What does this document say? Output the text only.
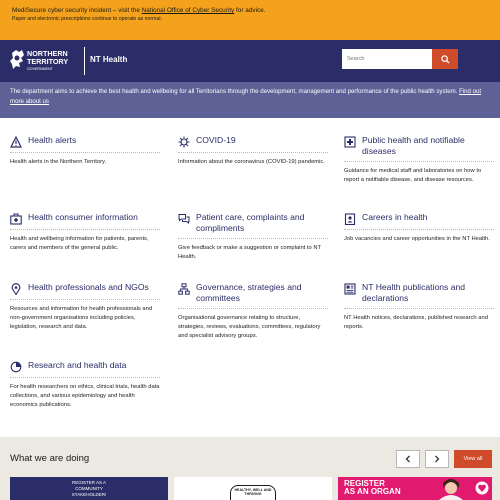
MediSecure cyber security incident – visit the National Office of Cyber Security for advice.
Paper and electronic prescriptions continue to operate as normal.
NORTHERN
TERRITORY
GOVERNMENT
NT Health
Search
The department aims to achieve the best health and wellbeing for all Territorians through the development, management and performance of the public health system. Find out more about us
Health alerts
Health alerts in the Northern Territory.
COVID-19
Information about the coronavirus (COVID-19) pandemic.
Public health and notifiable diseases
Guidance for medical staff and laboratories on how to report a notifiable disease, and disease resources.
Health consumer information
Health and wellbeing information for patients, parents, carers and members of the general public.
Patient care, complaints and compliments
Give feedback or make a suggestion or complaint to NT Health.
Careers in health
Job vacancies and career opportunities in the NT Health.
Health professionals and NGOs
Resources and information for health professionals and non-government organisations including policies, legislation, research and data.
Governance, strategies and committees
Organisational governance relating to structure, strategies, reviews, evaluations, committees, regulatory and specialist advisory groups.
NT Health publications and declarations
NT Health notices, declarations, published research and reports.
Research and health data
For health researchers on ethics, clinical trials, health data collections, and various epidemiology and health economics publications.
What we are doing	View all
REGISTER AS A
COMMUNITY
STAKEHOLDER!
HEALTHY, WELL AND THRIVING
REGISTER
AS AN ORGAN
